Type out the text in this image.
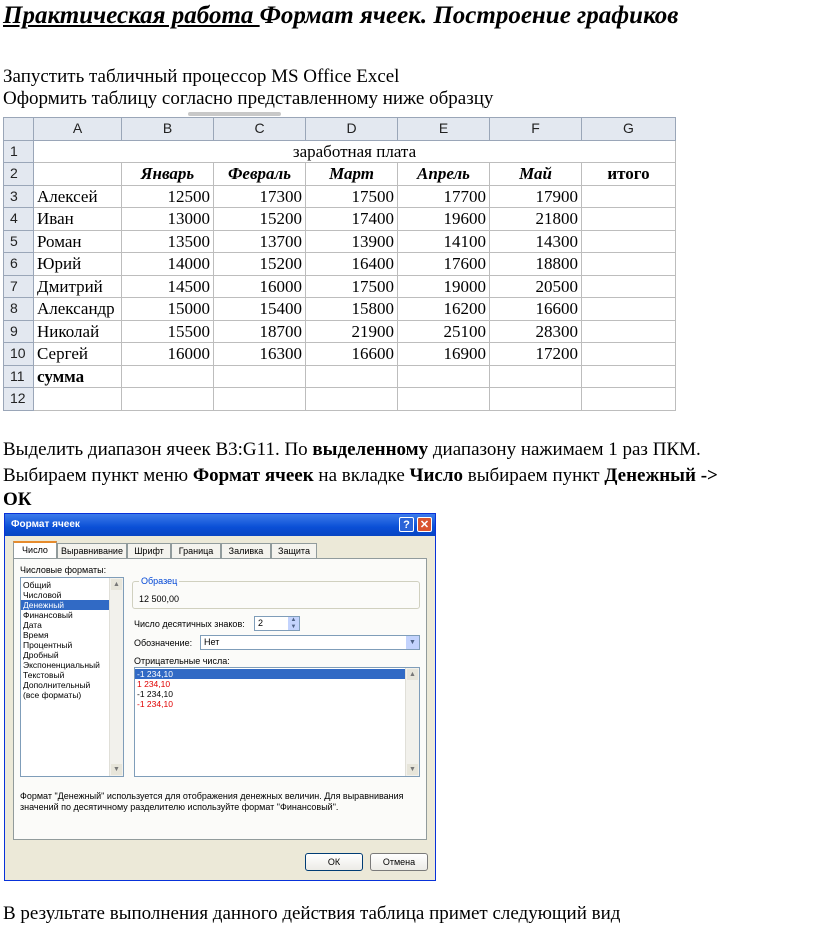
Практическая работа Формат ячеек. Построение графиков
Запустить табличный процессор MS Office Excel
Оформить таблицу согласно представленному ниже образцу
	A	B	C	D	E	F	G
1	заработная плата						
2		Январь	Февраль	Март	Апрель	Май	итого
3	Алексей	12500	17300	17500	17700	17900	
4	Иван	13000	15200	17400	19600	21800	
5	Роман	13500	13700	13900	14100	14300	
6	Юрий	14000	15200	16400	17600	18800	
7	Дмитрий	14500	16000	17500	19000	20500	
8	Александр	15000	15400	15800	16200	16600	
9	Николай	15500	18700	21900	25100	28300	
10	Сергей	16000	16300	16600	16900	17200	
11	сумма						
12							
Выделить диапазон ячеек В3:G11. По выделенному диапазону нажимаем 1 раз ПКМ.
Выбираем пункт меню Формат ячеек на вкладке Число выбираем пункт Денежный ->
ОК
Формат ячеек	? ✕
Число	Выравнивание	Шрифт	Граница	Заливка	Защита
Числовые форматы:
Общий
Числовой
Денежный
Финансовый
Дата
Время
Процентный
Дробный
Экспоненциальный
Текстовый
Дополнительный
(все форматы)
▲
▼
Образец
12 500,00
Число десятичных знаков:	2	▲
▼
Обозначение:	Нет	▼
Отрицательные числа:
-1 234,10
1 234,10
-1 234,10
-1 234,10
▲
▼
Формат "Денежный" используется для отображения денежных величин. Для выравнивания
значений по десятичному разделителю используйте формат "Финансовый".
ОК	Отмена
В результате выполнения данного действия таблица примет следующий вид
